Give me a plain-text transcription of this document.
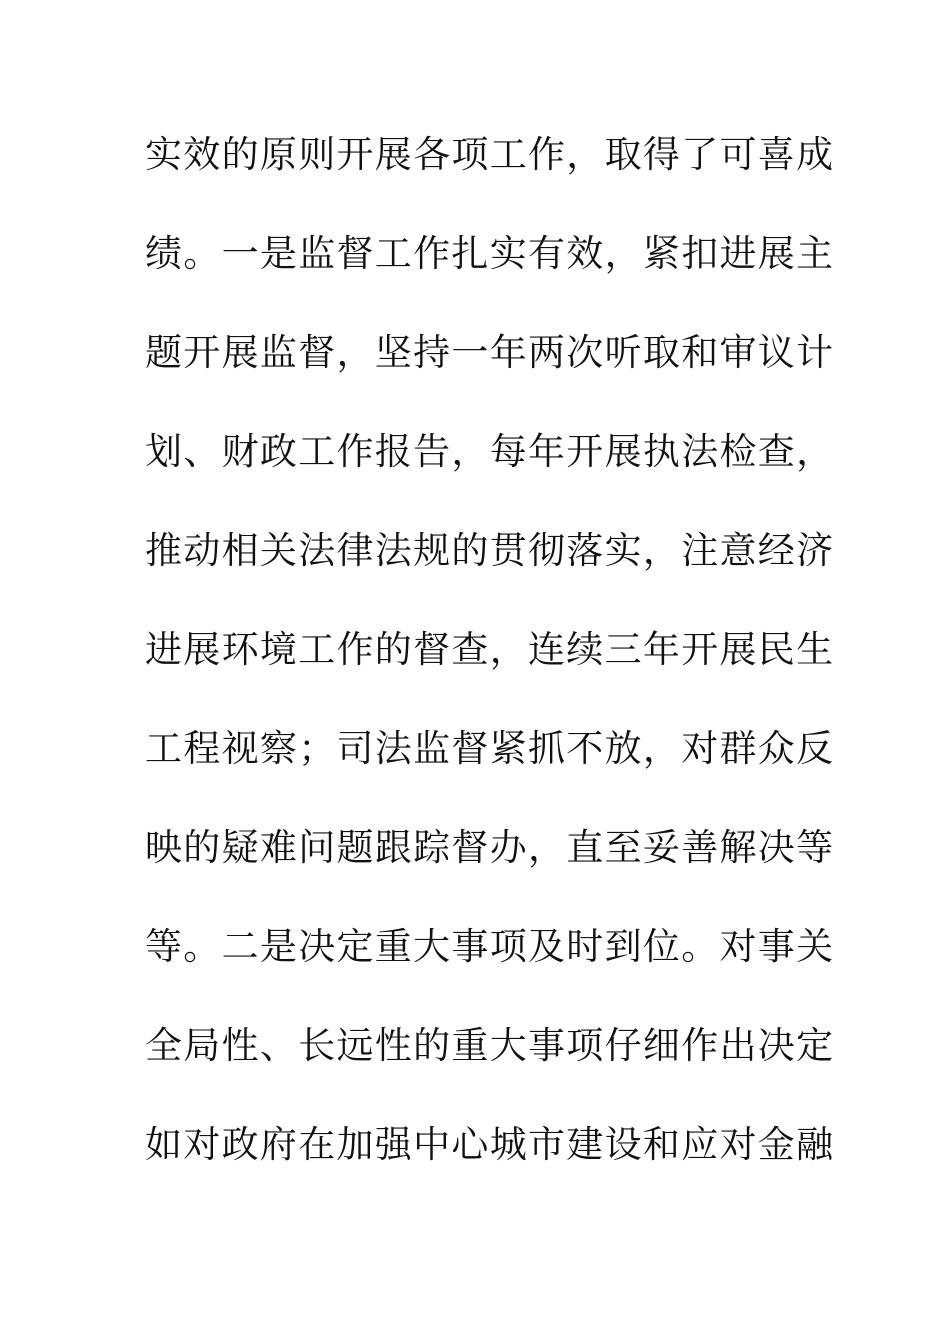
实效的原则开展各项工作，取得了可喜成
绩。一是监督工作扎实有效，紧扣进展主
题开展监督，坚持一年两次听取和审议计
划、财政工作报告，每年开展执法检查，
推动相关法律法规的贯彻落实，注意经济
进展环境工作的督查，连续三年开展民生
工程视察；司法监督紧抓不放，对群众反
映的疑难问题跟踪督办，直至妥善解决等
等。二是决定重大事项及时到位。对事关
全局性、长远性的重大事项仔细作出决定
如对政府在加强中心城市建设和应对金融
